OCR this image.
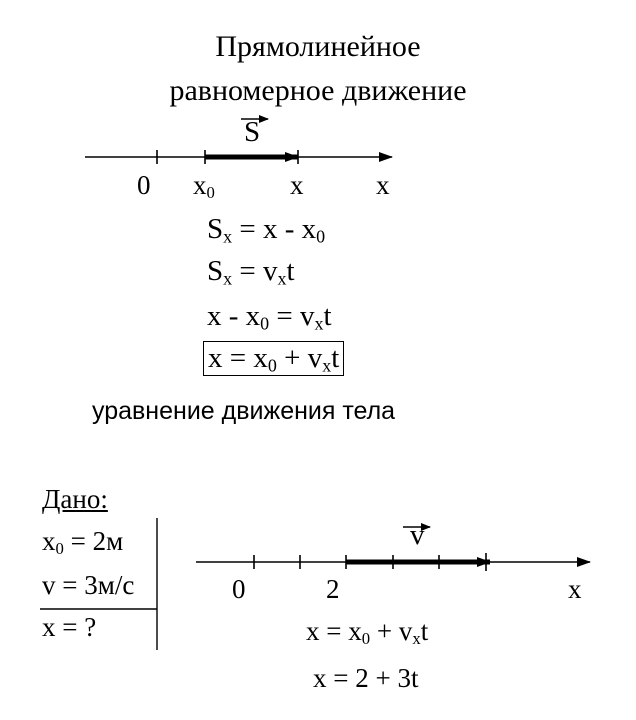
Прямолинейное
равномерное движение
S
0 $x_0$	x	x
$S_x = x - x_0$
$S_x = v_xt$
$x - x_0 = v_xt$
$x = x_0 + v_xt$
уравнение движения тела
Дано:
$x_0 = 2м$
v = 3м/с
x = ?
v
0	2	x
$x = x_0 + v_xt$
x = 2 + 3t
